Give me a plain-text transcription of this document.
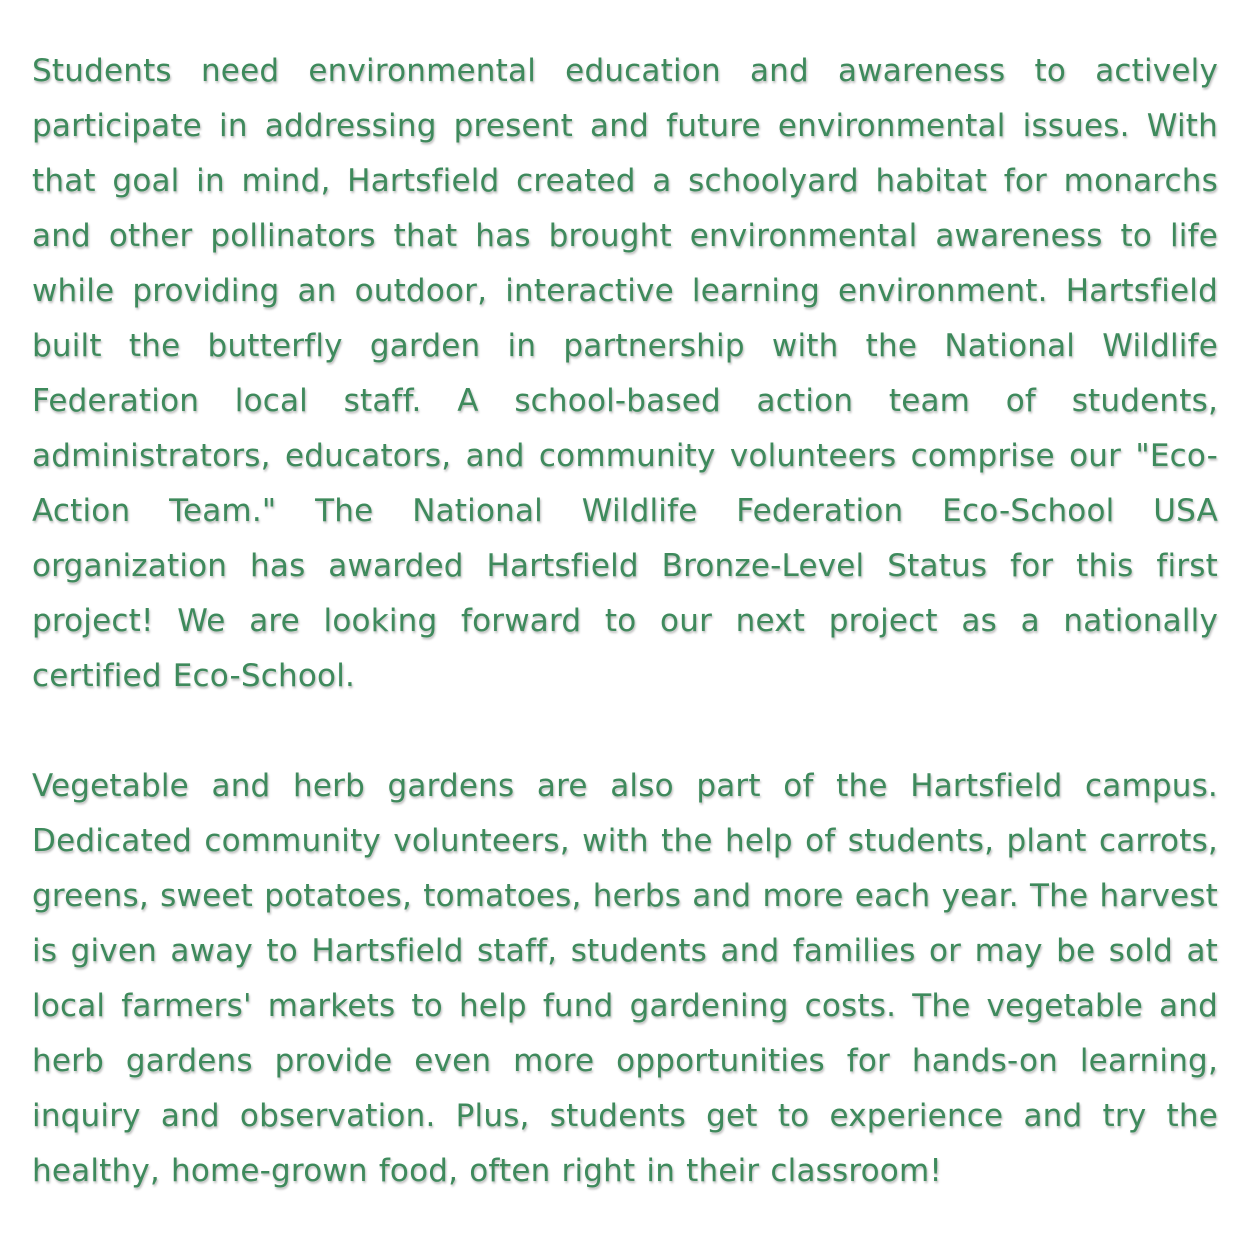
Students need environmental education and awareness to actively participate in addressing present and future environmental issues. With that goal in mind, Hartsfield created a schoolyard habitat for monarchs and other pollinators that has brought environmental awareness to life while providing an outdoor, interactive learning environment. Hartsfield built the butterfly garden in partnership with the National Wildlife Federation local staff. A school-based action team of students, administrators, educators, and community volunteers comprise our "Eco-Action Team." The National Wildlife Federation Eco-School USA organization has awarded Hartsfield Bronze-Level Status for this first project! We are looking forward to our next project as a nationally certified Eco-School.

Vegetable and herb gardens are also part of the Hartsfield campus. Dedicated community volunteers, with the help of students, plant carrots, greens, sweet potatoes, tomatoes, herbs and more each year. The harvest is given away to Hartsfield staff, students and families or may be sold at local farmers' markets to help fund gardening costs. The vegetable and herb gardens provide even more opportunities for hands-on learning, inquiry and observation. Plus, students get to experience and try the healthy, home-grown food, often right in their classroom!
